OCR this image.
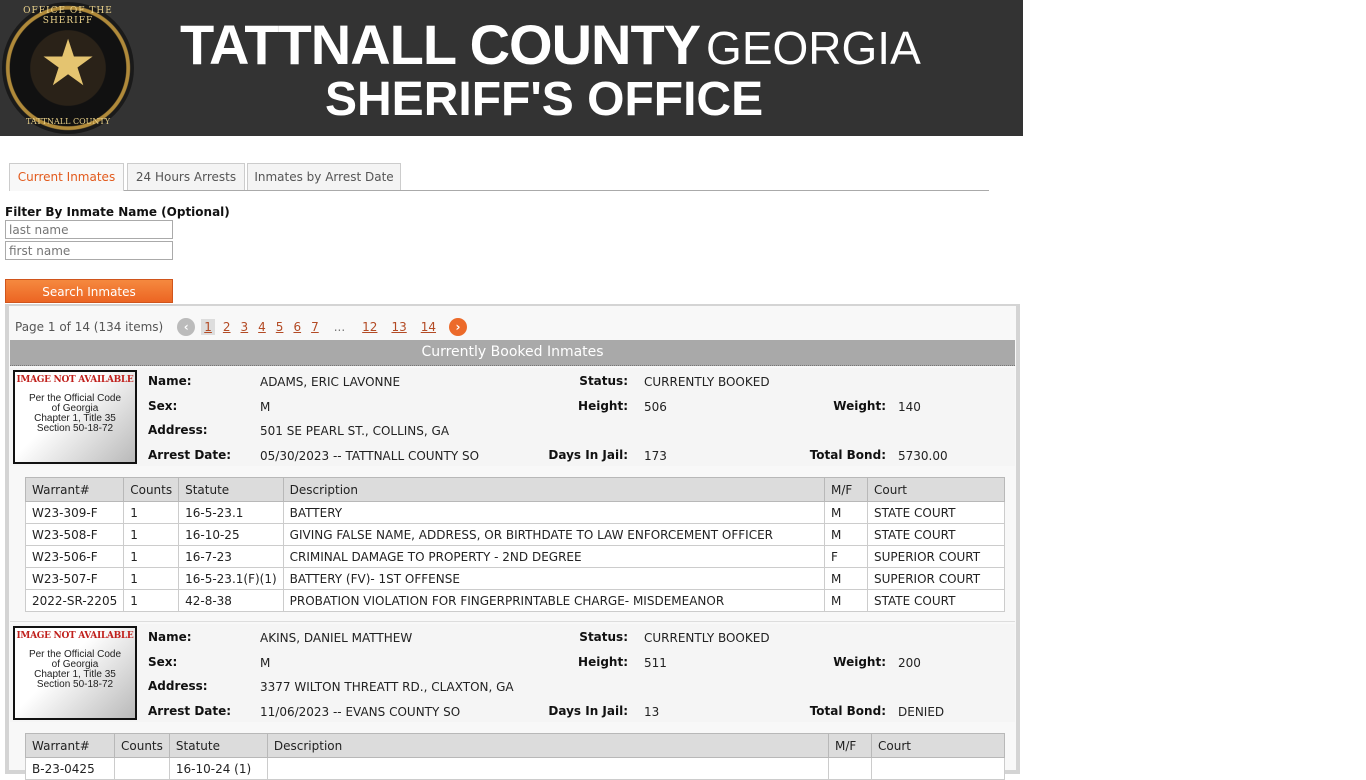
OFFICE OF THE SHERIFF
★
TATTNALL COUNTY
TATTNALL COUNTY GEORGIA
SHERIFF'S OFFICE
Current Inmates	24 Hours Arrests	Inmates by Arrest Date
Filter By Inmate Name (Optional)
last name
first name
Search Inmates
Page 1 of 14 (134 items)	‹	1 2 3 4 5 6 7 ... 12 13 14	›
Currently Booked Inmates
IMAGE NOT AVAILABLE
Per the Official Code
of Georgia
Chapter 1, Title 35
Section 50-18-72
Name:	ADAMS, ERIC LAVONNE
Sex:	M
Address:	501 SE PEARL ST., COLLINS, GA
Arrest Date: 05/30/2023 -- TATTNALL COUNTY SO
Status: CURRENTLY BOOKED
Height: 506
Days In Jail: 173
Weight: 140
Total Bond: 5730.00
Warrant#	Counts	Statute	Description	M/F	Court
W23-309-F	1	16-5-23.1	BATTERY	M	STATE COURT
W23-508-F	1	16-10-25	GIVING FALSE NAME, ADDRESS, OR BIRTHDATE TO LAW ENFORCEMENT OFFICER	M	STATE COURT
W23-506-F	1	16-7-23	CRIMINAL DAMAGE TO PROPERTY - 2ND DEGREE	F	SUPERIOR COURT
W23-507-F	1	16-5-23.1(F)(1)	BATTERY (FV)- 1ST OFFENSE	M	SUPERIOR COURT
2022-SR-2205	1	42-8-38	PROBATION VIOLATION FOR FINGERPRINTABLE CHARGE- MISDEMEANOR	M	STATE COURT
IMAGE NOT AVAILABLE
Per the Official Code
of Georgia
Chapter 1, Title 35
Section 50-18-72
Name:	AKINS, DANIEL MATTHEW
Sex:	M
Address:	3377 WILTON THREATT RD., CLAXTON, GA
Arrest Date: 11/06/2023 -- EVANS COUNTY SO
Status: CURRENTLY BOOKED
Height: 511
Days In Jail: 13
Weight: 200
Total Bond: DENIED
Warrant#	Counts	Statute	Description	M/F	Court
B-23-0425		16-10-24 (1)			
